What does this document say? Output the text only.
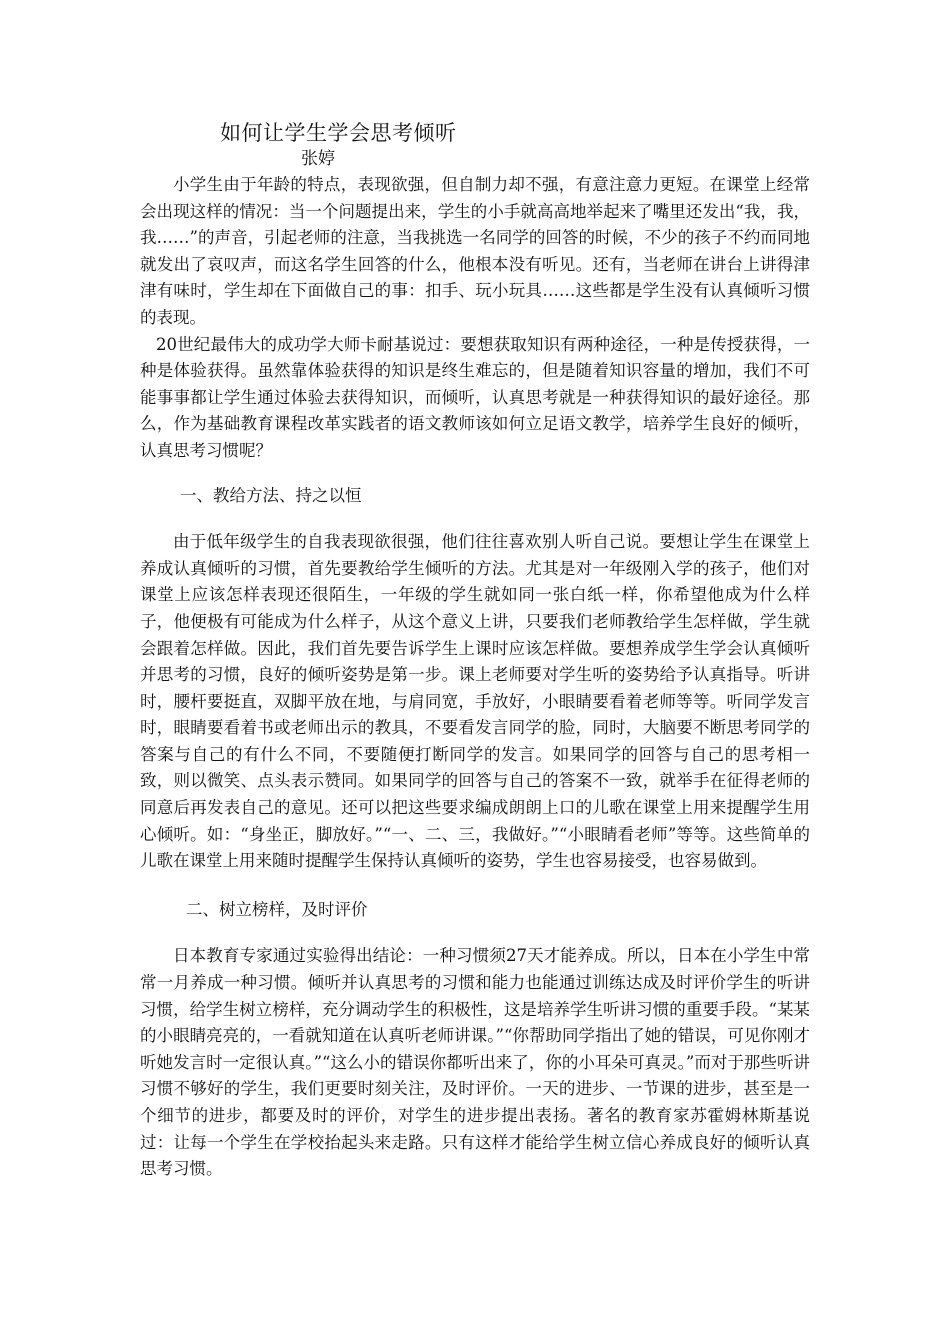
如何让学生学会思考倾听
张婷

小学生由于年龄的特点，表现欲强，但自制力却不强，有意注意力更短。在课堂上经常会出现这样的情况：当一个问题提出来，学生的小手就高高地举起来了嘴里还发出“我，我，我……”的声音，引起老师的注意，当我挑选一名同学的回答的时候，不少的孩子不约而同地就发出了哀叹声，而这名学生回答的什么，他根本没有听见。还有，当老师在讲台上讲得津津有味时，学生却在下面做自己的事：扣手、玩小玩具……这些都是学生没有认真倾听习惯的表现。

20世纪最伟大的成功学大师卡耐基说过：要想获取知识有两种途径，一种是传授获得，一种是体验获得。虽然靠体验获得的知识是终生难忘的，但是随着知识容量的增加，我们不可能事事都让学生通过体验去获得知识，而倾听，认真思考就是一种获得知识的最好途径。那么，作为基础教育课程改革实践者的语文教师该如何立足语文教学，培养学生良好的倾听，认真思考习惯呢？

一、教给方法、持之以恒

由于低年级学生的自我表现欲很强，他们往往喜欢别人听自己说。要想让学生在课堂上养成认真倾听的习惯，首先要教给学生倾听的方法。尤其是对一年级刚入学的孩子，他们对课堂上应该怎样表现还很陌生，一年级的学生就如同一张白纸一样，你希望他成为什么样子，他便极有可能成为什么样子，从这个意义上讲，只要我们老师教给学生怎样做，学生就会跟着怎样做。因此，我们首先要告诉学生上课时应该怎样做。要想养成学生学会认真倾听并思考的习惯，良好的倾听姿势是第一步。课上老师要对学生听的姿势给予认真指导。听讲时，腰杆要挺直，双脚平放在地，与肩同宽，手放好，小眼睛要看着老师等等。听同学发言时，眼睛要看着书或老师出示的教具，不要看发言同学的脸，同时，大脑要不断思考同学的答案与自己的有什么不同，不要随便打断同学的发言。如果同学的回答与自己的思考相一致，则以微笑、点头表示赞同。如果同学的回答与自己的答案不一致，就举手在征得老师的同意后再发表自己的意见。还可以把这些要求编成朗朗上口的儿歌在课堂上用来提醒学生用心倾听。如：“身坐正，脚放好。”“一、二、三，我做好。”“小眼睛看老师”等等。这些简单的儿歌在课堂上用来随时提醒学生保持认真倾听的姿势，学生也容易接受，也容易做到。

二、树立榜样，及时评价

日本教育专家通过实验得出结论：一种习惯须27天才能养成。所以，日本在小学生中常常一月养成一种习惯。倾听并认真思考的习惯和能力也能通过训练达成及时评价学生的听讲习惯，给学生树立榜样，充分调动学生的积极性，这是培养学生听讲习惯的重要手段。“某某的小眼睛亮亮的，一看就知道在认真听老师讲课。”“你帮助同学指出了她的错误，可见你刚才听她发言时一定很认真。”“这么小的错误你都听出来了，你的小耳朵可真灵。”而对于那些听讲习惯不够好的学生，我们更要时刻关注，及时评价。一天的进步、一节课的进步，甚至是一个细节的进步，都要及时的评价，对学生的进步提出表扬。著名的教育家苏霍姆林斯基说过：让每一个学生在学校抬起头来走路。只有这样才能给学生树立信心养成良好的倾听认真思考习惯。
